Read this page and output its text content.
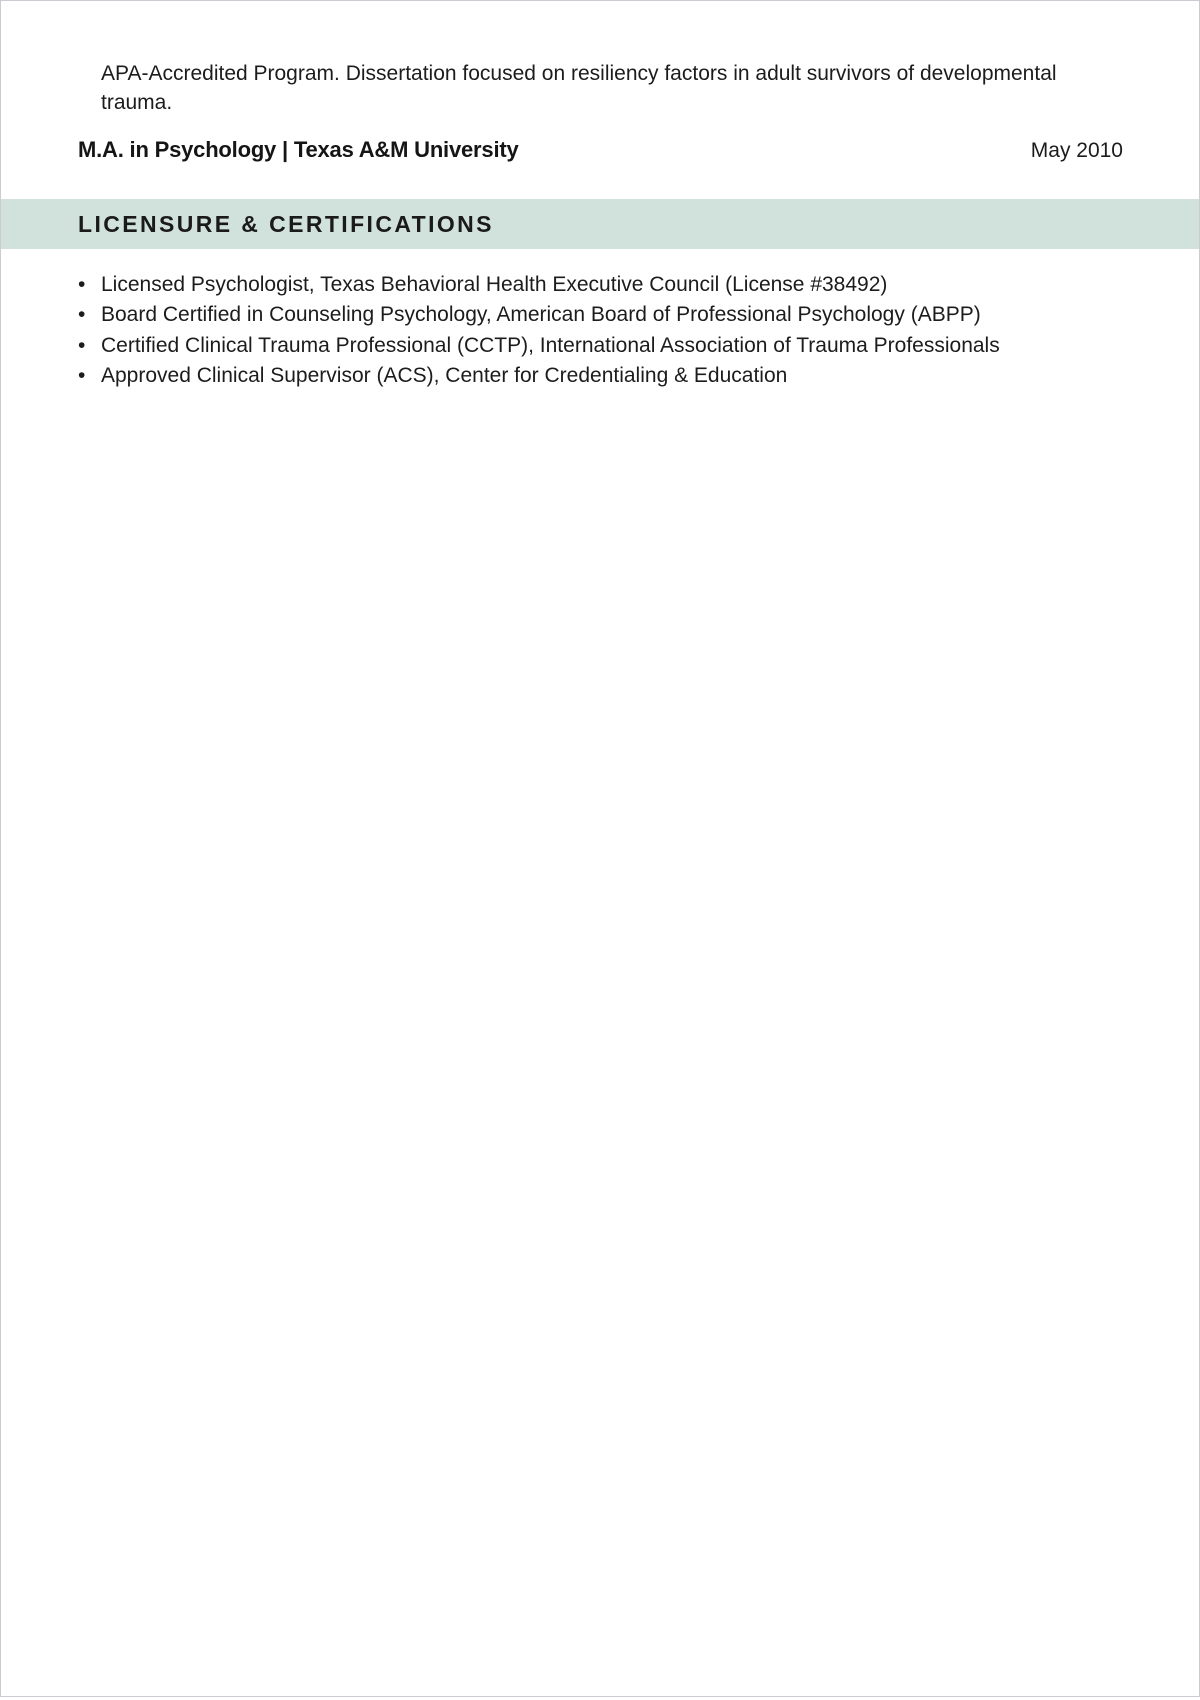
APA-Accredited Program. Dissertation focused on resiliency factors in adult survivors of developmental trauma.

M.A. in Psychology | Texas A&M University	May 2010
LICENSURE & CERTIFICATIONS
• Licensed Psychologist, Texas Behavioral Health Executive Council (License #38492)
• Board Certified in Counseling Psychology, American Board of Professional Psychology (ABPP)
• Certified Clinical Trauma Professional (CCTP), International Association of Trauma Professionals
• Approved Clinical Supervisor (ACS), Center for Credentialing & Education
